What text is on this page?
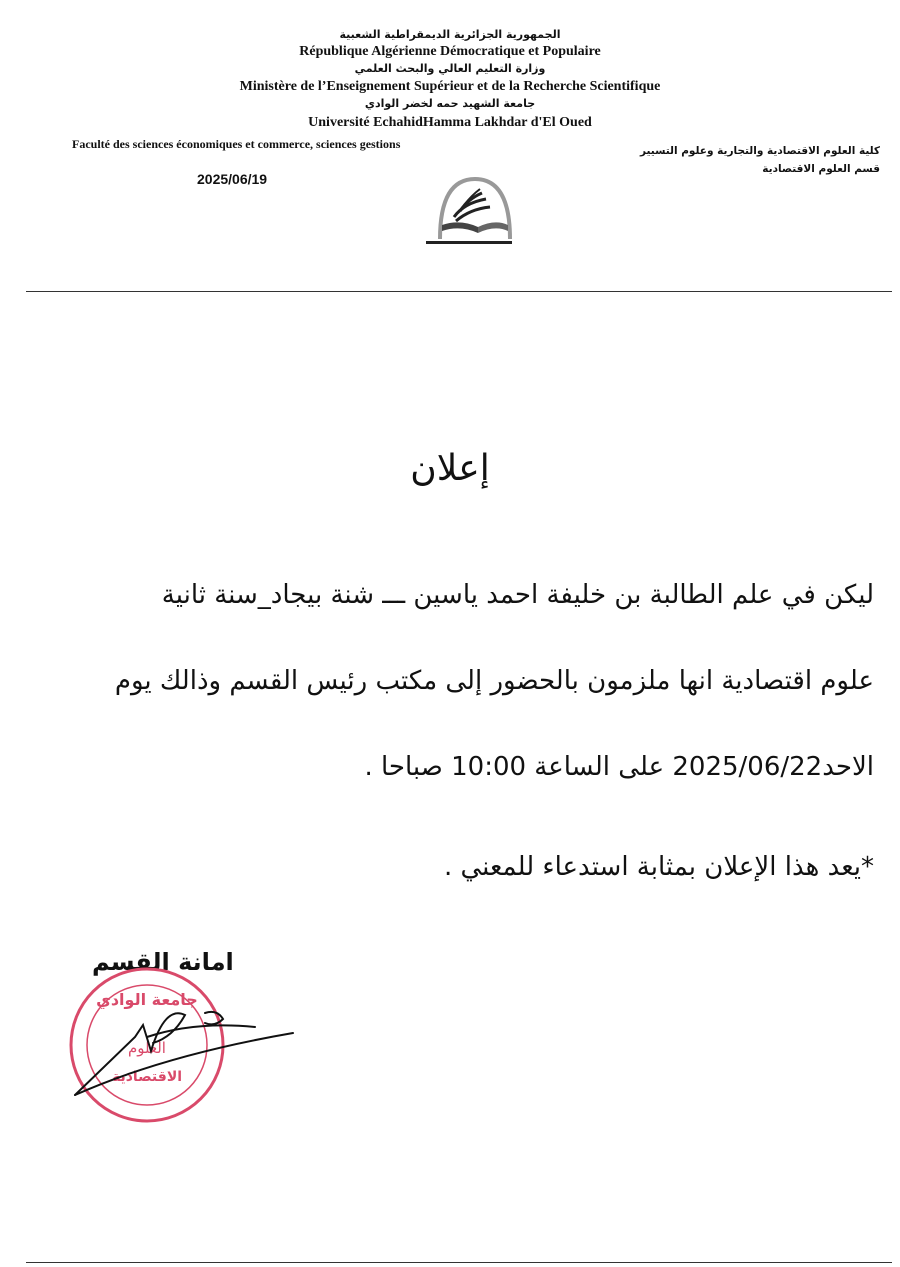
الجمهورية الجزائرية الديمقراطية الشعبية
République Algérienne Démocratique et Populaire
وزارة التعليم العالي والبحث العلمي
Ministère de l’Enseignement Supérieur et de la Recherche Scientifique
جامعة الشهيد حمه لخضر الوادي
Université EchahidHamma Lakhdar d'El Oued
Faculté des sciences économiques et commerce, sciences gestions	كلية العلوم الاقتصادية والتجارية وعلوم التسيير
قسم العلوم الاقتصادية
2025/06/19
إعلان
ليكن في علم الطالبة بن خليفة احمد ياسين ـــ شنة بيجاد_سنة ثانية
علوم اقتصادية انها ملزمون بالحضور إلى مكتب رئيس القسم وذالك يوم
الاحد2025/06/22 على الساعة 10:00 صباحا .
*يعد هذا الإعلان بمثابة استدعاء للمعني .
امانة القسم
جامعة الوادي
العلوم
الاقتصادية
